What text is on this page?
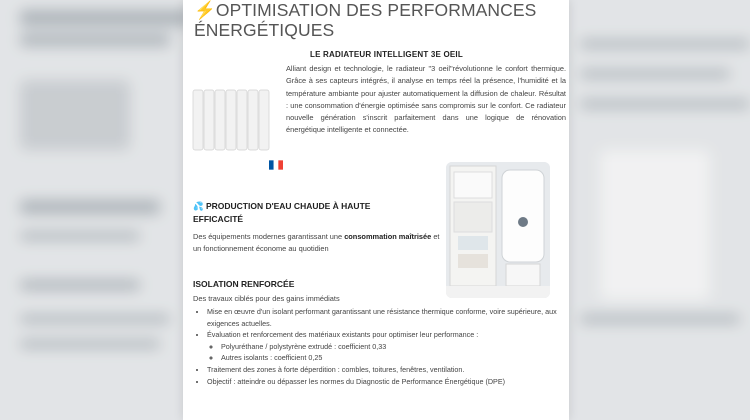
⚡OPTIMISATION DES PERFORMANCES ÉNERGÉTIQUES
LE RADIATEUR INTELLIGENT 3E OEIL
Alliant design et technologie, le radiateur "3 oeil"révolutionne le confort thermique. Grâce à ses capteurs intégrés, il analyse en temps réel la présence, l'humidité et la température ambiante pour ajuster automatiquement la diffusion de chaleur. Résultat : une consommation d'énergie optimisée sans compromis sur le confort. Ce radiateur nouvelle génération s'inscrit parfaitement dans une logique de rénovation énergétique intelligente et connectée.
💦 PRODUCTION D'EAU CHAUDE À HAUTE EFFICACITÉ
Des équipements modernes garantissant une consommation maîtrisée et un fonctionnement économe au quotidien
ISOLATION RENFORCÉE
Des travaux ciblés pour des gains immédiats
• Mise en œuvre d'un isolant performant garantissant une résistance thermique conforme, voire supérieure, aux exigences actuelles.
• Évaluation et renforcement des matériaux existants pour optimiser leur performance :
◦ Polyuréthane / polystyrène extrudé : coefficient 0,33
◦ Autres isolants : coefficient 0,25
• Traitement des zones à forte déperdition : combles, toitures, fenêtres, ventilation.
• Objectif : atteindre ou dépasser les normes du Diagnostic de Performance Énergétique (DPE)
